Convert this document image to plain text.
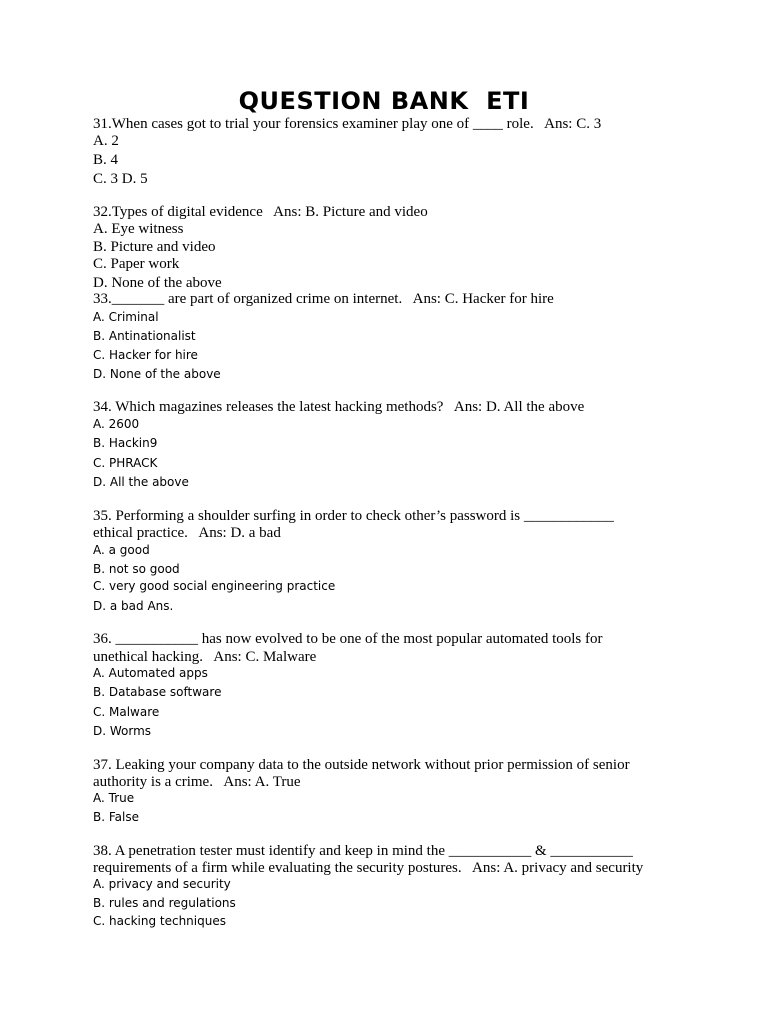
QUESTION BANK  ETI
31.When cases got to trial your forensics examiner play one of ____ role.   Ans: C. 3
A. 2
B. 4
C. 3 D. 5
32.Types of digital evidence   Ans: B. Picture and video
A. Eye witness
B. Picture and video
C. Paper work
D. None of the above
33._______ are part of organized crime on internet.   Ans: C. Hacker for hire
A. Criminal
B. Antinationalist
C. Hacker for hire
D. None of the above
34. Which magazines releases the latest hacking methods?   Ans: D. All the above
A. 2600
B. Hackin9
C. PHRACK
D. All the above
35. Performing a shoulder surfing in order to check other’s password is ____________
ethical practice.   Ans: D. a bad
A. a good
B. not so good
C. very good social engineering practice
D. a bad Ans.
36. ___________ has now evolved to be one of the most popular automated tools for
unethical hacking.   Ans: C. Malware
A. Automated apps
B. Database software
C. Malware
D. Worms
37. Leaking your company data to the outside network without prior permission of senior
authority is a crime.   Ans: A. True
A. True
B. False
38. A penetration tester must identify and keep in mind the ___________ & ___________
requirements of a firm while evaluating the security postures.   Ans: A. privacy and security
A. privacy and security
B. rules and regulations
C. hacking techniques
